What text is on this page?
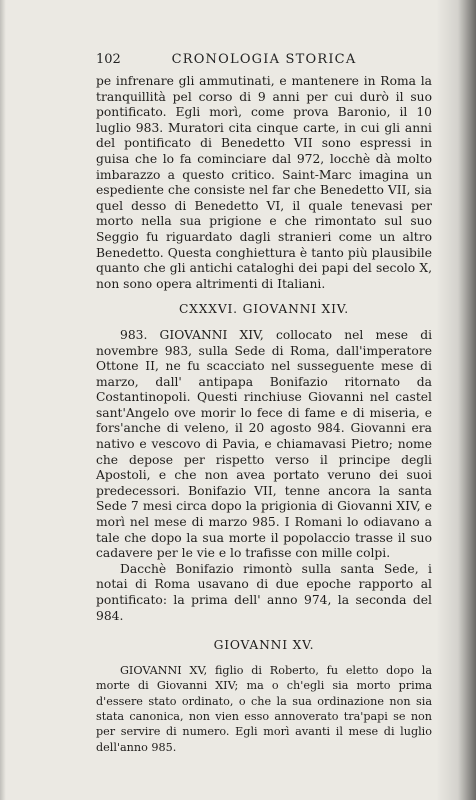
102	CRONOLOGIA STORICA

pe infrenare gli ammutinati, e mantenere in Roma la tranquillità pel corso di 9 anni per cui durò il suo pontificato. Egli morì, come prova Baronio, il 10 luglio 983. Muratori cita cinque carte, in cui gli anni del pontificato di Benedetto VII sono espressi in guisa che lo fa cominciare dal 972, locchè dà molto imbarazzo a questo critico. Saint-Marc imagina un espediente che consiste nel far che Benedetto VII, sia quel desso di Benedetto VI, il quale tenevasi per morto nella sua prigione e che rimontato sul suo Seggio fu riguardato dagli stranieri come un altro Benedetto. Questa conghiettura è tanto più plausibile quanto che gli antichi cataloghi dei papi del secolo X, non sono opera altrimenti di Italiani.

CXXXVI. GIOVANNI XIV.

983. GIOVANNI XIV, collocato nel mese di novembre 983, sulla Sede di Roma, dall'imperatore Ottone II, ne fu scacciato nel susseguente mese di marzo, dall' antipapa Bonifazio ritornato da Costantinopoli. Questi rinchiuse Giovanni nel castel sant'Angelo ove morir lo fece di fame e di miseria, e fors'anche di veleno, il 20 agosto 984. Giovanni era nativo e vescovo di Pavia, e chiamavasi Pietro; nome che depose per rispetto verso il principe degli Apostoli, e che non avea portato veruno dei suoi predecessori. Bonifazio VII, tenne ancora la santa Sede 7 mesi circa dopo la prigionia di Giovanni XIV, e morì nel mese di marzo 985. I Romani lo odiavano a tale che dopo la sua morte il popolaccio trasse il suo cadavere per le vie e lo trafisse con mille colpi.

Dacchè Bonifazio rimontò sulla santa Sede, i notai di Roma usavano di due epoche rapporto al pontificato: la prima dell' anno 974, la seconda del 984.

GIOVANNI XV.

GIOVANNI XV, figlio di Roberto, fu eletto dopo la morte di Giovanni XIV; ma o ch'egli sia morto prima d'essere stato ordinato, o che la sua ordinazione non sia stata canonica, non vien esso annoverato tra'papi se non per servire di numero. Egli morì avanti il mese di luglio dell'anno 985.
